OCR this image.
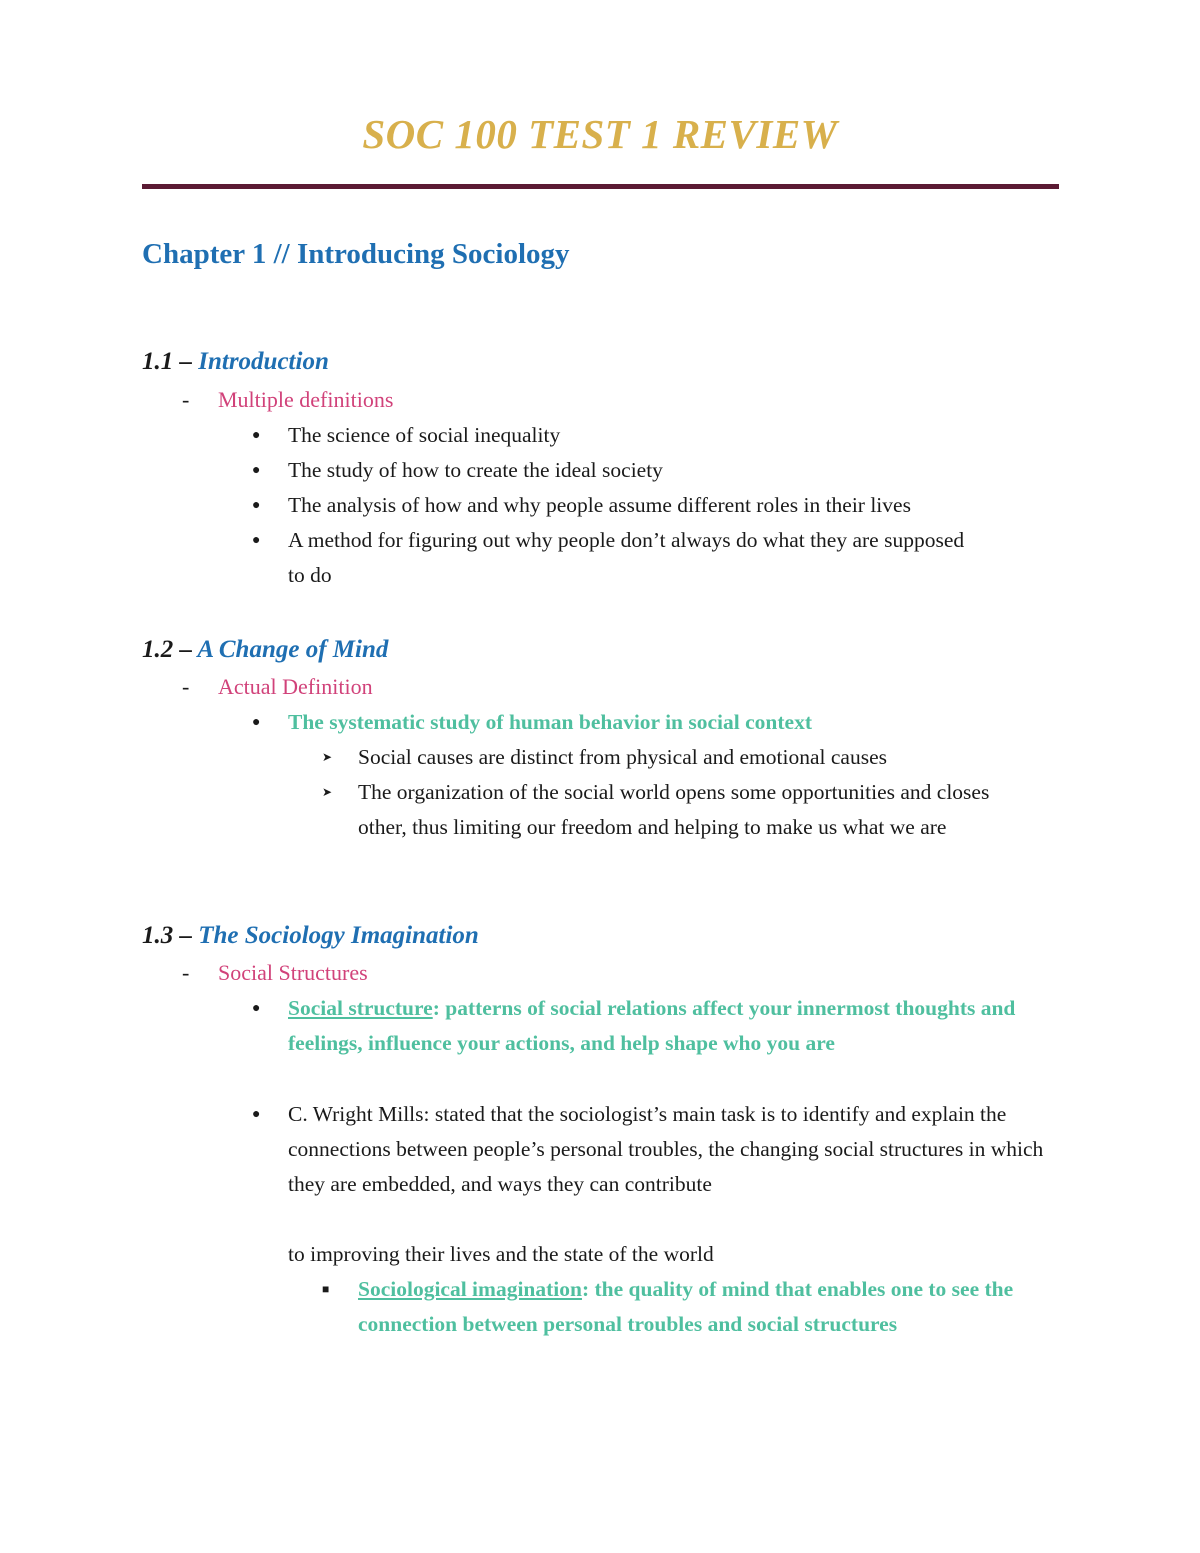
SOC 100 TEST 1 REVIEW
Chapter 1 // Introducing Sociology
1.1 – Introduction
- Multiple definitions
●	The science of social inequality
●	The study of how to create the ideal society
●	The analysis of how and why people assume different roles in their lives
●	A method for figuring out why people don’t always do what they are supposed to do
1.2 – A Change of Mind
- Actual Definition
●	The systematic study of human behavior in social context
➤	Social causes are distinct from physical and emotional causes
➤	The organization of the social world opens some opportunities and closes other, thus limiting our freedom and helping to make us what we are
1.3 – The Sociology Imagination
- Social Structures
●	Social structure: patterns of social relations affect your innermost thoughts and feelings, influence your actions, and help shape who you are
●	C. Wright Mills: stated that the sociologist’s main task is to identify and explain the connections between people’s personal troubles, the changing social structures in which they are embedded, and ways they can contribute
to improving their lives and the state of the world
■	Sociological imagination: the quality of mind that enables one to see the connection between personal troubles and social structures
